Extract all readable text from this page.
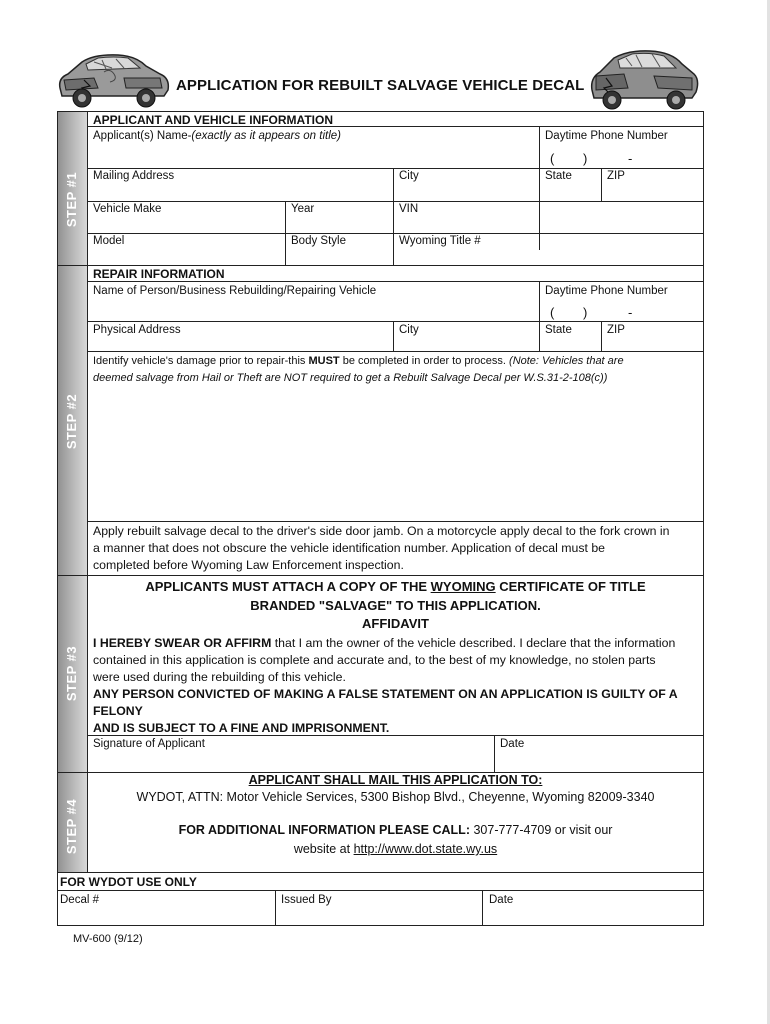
APPLICATION FOR REBUILT SALVAGE VEHICLE DECAL
STEP #1
STEP #2
STEP #3
STEP #4
APPLICANT AND VEHICLE INFORMATION
Applicant(s) Name-(exactly as it appears on title)	Daytime Phone Number
( )	-
Mailing Address	City	State	ZIP
Vehicle Make	Year	VIN
Model	Body Style	Wyoming Title #
REPAIR INFORMATION
Name of Person/Business Rebuilding/Repairing Vehicle	Daytime Phone Number
( )	-
Physical Address	City	State	ZIP
Identify vehicle's damage prior to repair-this MUST be completed in order to process. (Note: Vehicles that are
deemed salvage from Hail or Theft are NOT required to get a Rebuilt Salvage Decal per W.S.31-2-108(c))
Apply rebuilt salvage decal to the driver's side door jamb. On a motorcycle apply decal to the fork crown in
a manner that does not obscure the vehicle identification number. Application of decal must be
completed before Wyoming Law Enforcement inspection.
APPLICANTS MUST ATTACH A COPY OF THE WYOMING CERTIFICATE OF TITLE
BRANDED "SALVAGE" TO THIS APPLICATION.
AFFIDAVIT
I HEREBY SWEAR OR AFFIRM that I am the owner of the vehicle described. I declare that the information
contained in this application is complete and accurate and, to the best of my knowledge, no stolen parts
were used during the rebuilding of this vehicle.
ANY PERSON CONVICTED OF MAKING A FALSE STATEMENT ON AN APPLICATION IS GUILTY OF A FELONY
AND IS SUBJECT TO A FINE AND IMPRISONMENT.
Signature of Applicant	Date
APPLICANT SHALL MAIL THIS APPLICATION TO:
WYDOT, ATTN: Motor Vehicle Services, 5300 Bishop Blvd., Cheyenne, Wyoming 82009-3340
FOR ADDITIONAL INFORMATION PLEASE CALL: 307-777-4709 or visit our
website at http://www.dot.state.wy.us
FOR WYDOT USE ONLY
Decal #	Issued By	Date
MV-600 (9/12)
